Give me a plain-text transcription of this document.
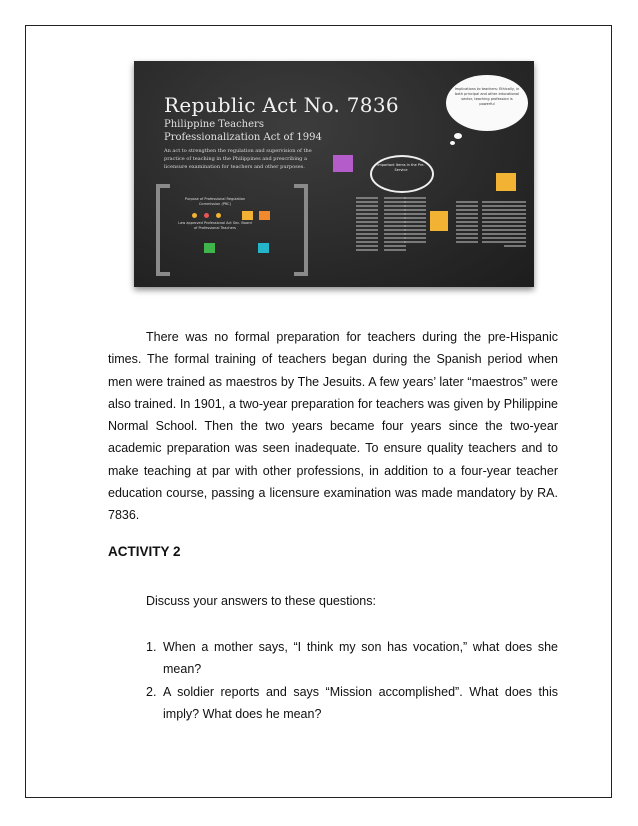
Republic Act No. 7836
Philippine Teachers
Professionalization Act of 1994
An act to strengthen the regulation and supervision of the practice of teaching in the Philippines and prescribing a licensure examination for teachers and other purposes.
Purpose of Professional Regulation Commission (PRC)
Law approved Professional Act Sec. Board of Professional Teachers
Implications to teachers: Ethically, in both principal and other educational sector, teaching profession is powerful
Important Items in the Pre-Service

There was no formal preparation for teachers during the pre-Hispanic times. The formal training of teachers began during the Spanish period when men were trained as maestros by The Jesuits. A few years’ later “maestros” were also trained. In 1901, a two-year preparation for teachers was given by Philippine Normal School. Then the two years became four years since the two-year academic preparation was seen inadequate. To ensure quality teachers and to make teaching at par with other professions, in addition to a four-year teacher education course, passing a licensure examination was made mandatory by RA. 7836.

ACTIVITY 2

Discuss your answers to these questions:

1. When a mother says, “I think my son has vocation,” what does she mean?
2. A soldier reports and says “Mission accomplished”. What does this imply? What does he mean?
